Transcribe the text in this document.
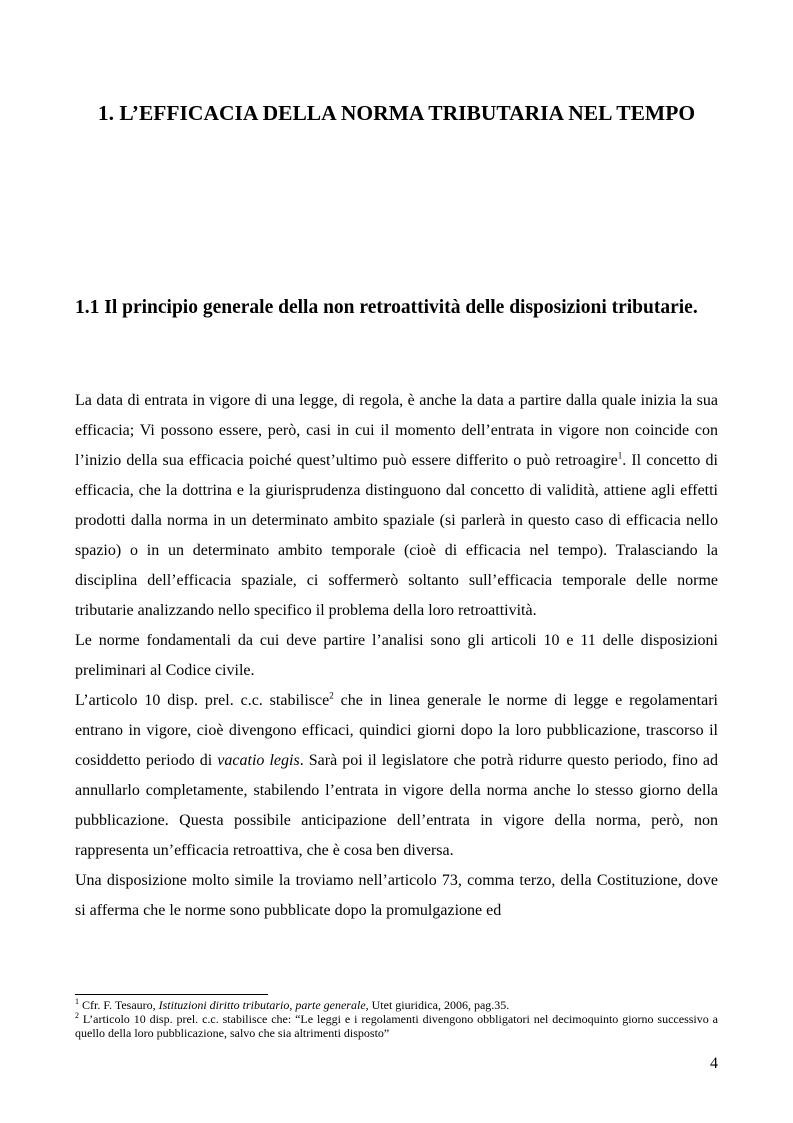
1. L’EFFICACIA DELLA NORMA TRIBUTARIA NEL TEMPO
1.1 Il principio generale della non retroattività delle disposizioni tributarie.

La data di entrata in vigore di una legge, di regola, è anche la data a partire dalla quale inizia la sua efficacia; Vi possono essere, però, casi in cui il momento dell’entrata in vigore non coincide con l’inizio della sua efficacia poiché quest’ultimo può essere differito o può retroagire$^1$. Il concetto di efficacia, che la dottrina e la giurisprudenza distinguono dal concetto di validità, attiene agli effetti prodotti dalla norma in un determinato ambito spaziale (si parlerà in questo caso di efficacia nello spazio) o in un determinato ambito temporale (cioè di efficacia nel tempo). Tralasciando la disciplina dell’efficacia spaziale, ci soffermerò soltanto sull’efficacia temporale delle norme tributarie analizzando nello specifico il problema della loro retroattività.

Le norme fondamentali da cui deve partire l’analisi sono gli articoli 10 e 11 delle disposizioni preliminari al Codice civile.

L’articolo 10 disp. prel. c.c. stabilisce$^2$ che in linea generale le norme di legge e regolamentari entrano in vigore, cioè divengono efficaci, quindici giorni dopo la loro pubblicazione, trascorso il cosiddetto periodo di vacatio legis. Sarà poi il legislatore che potrà ridurre questo periodo, fino ad annullarlo completamente, stabilendo l’entrata in vigore della norma anche lo stesso giorno della pubblicazione. Questa possibile anticipazione dell’entrata in vigore della norma, però, non rappresenta un’efficacia retroattiva, che è cosa ben diversa.

Una disposizione molto simile la troviamo nell’articolo 73, comma terzo, della Costituzione, dove si afferma che le norme sono pubblicate dopo la promulgazione ed

$^1$ Cfr. F. Tesauro, Istituzioni diritto tributario, parte generale, Utet giuridica, 2006, pag.35.

$^2$ L’articolo 10 disp. prel. c.c. stabilisce che: “Le leggi e i regolamenti divengono obbligatori nel decimoquinto giorno successivo a quello della loro pubblicazione, salvo che sia altrimenti disposto”

4
